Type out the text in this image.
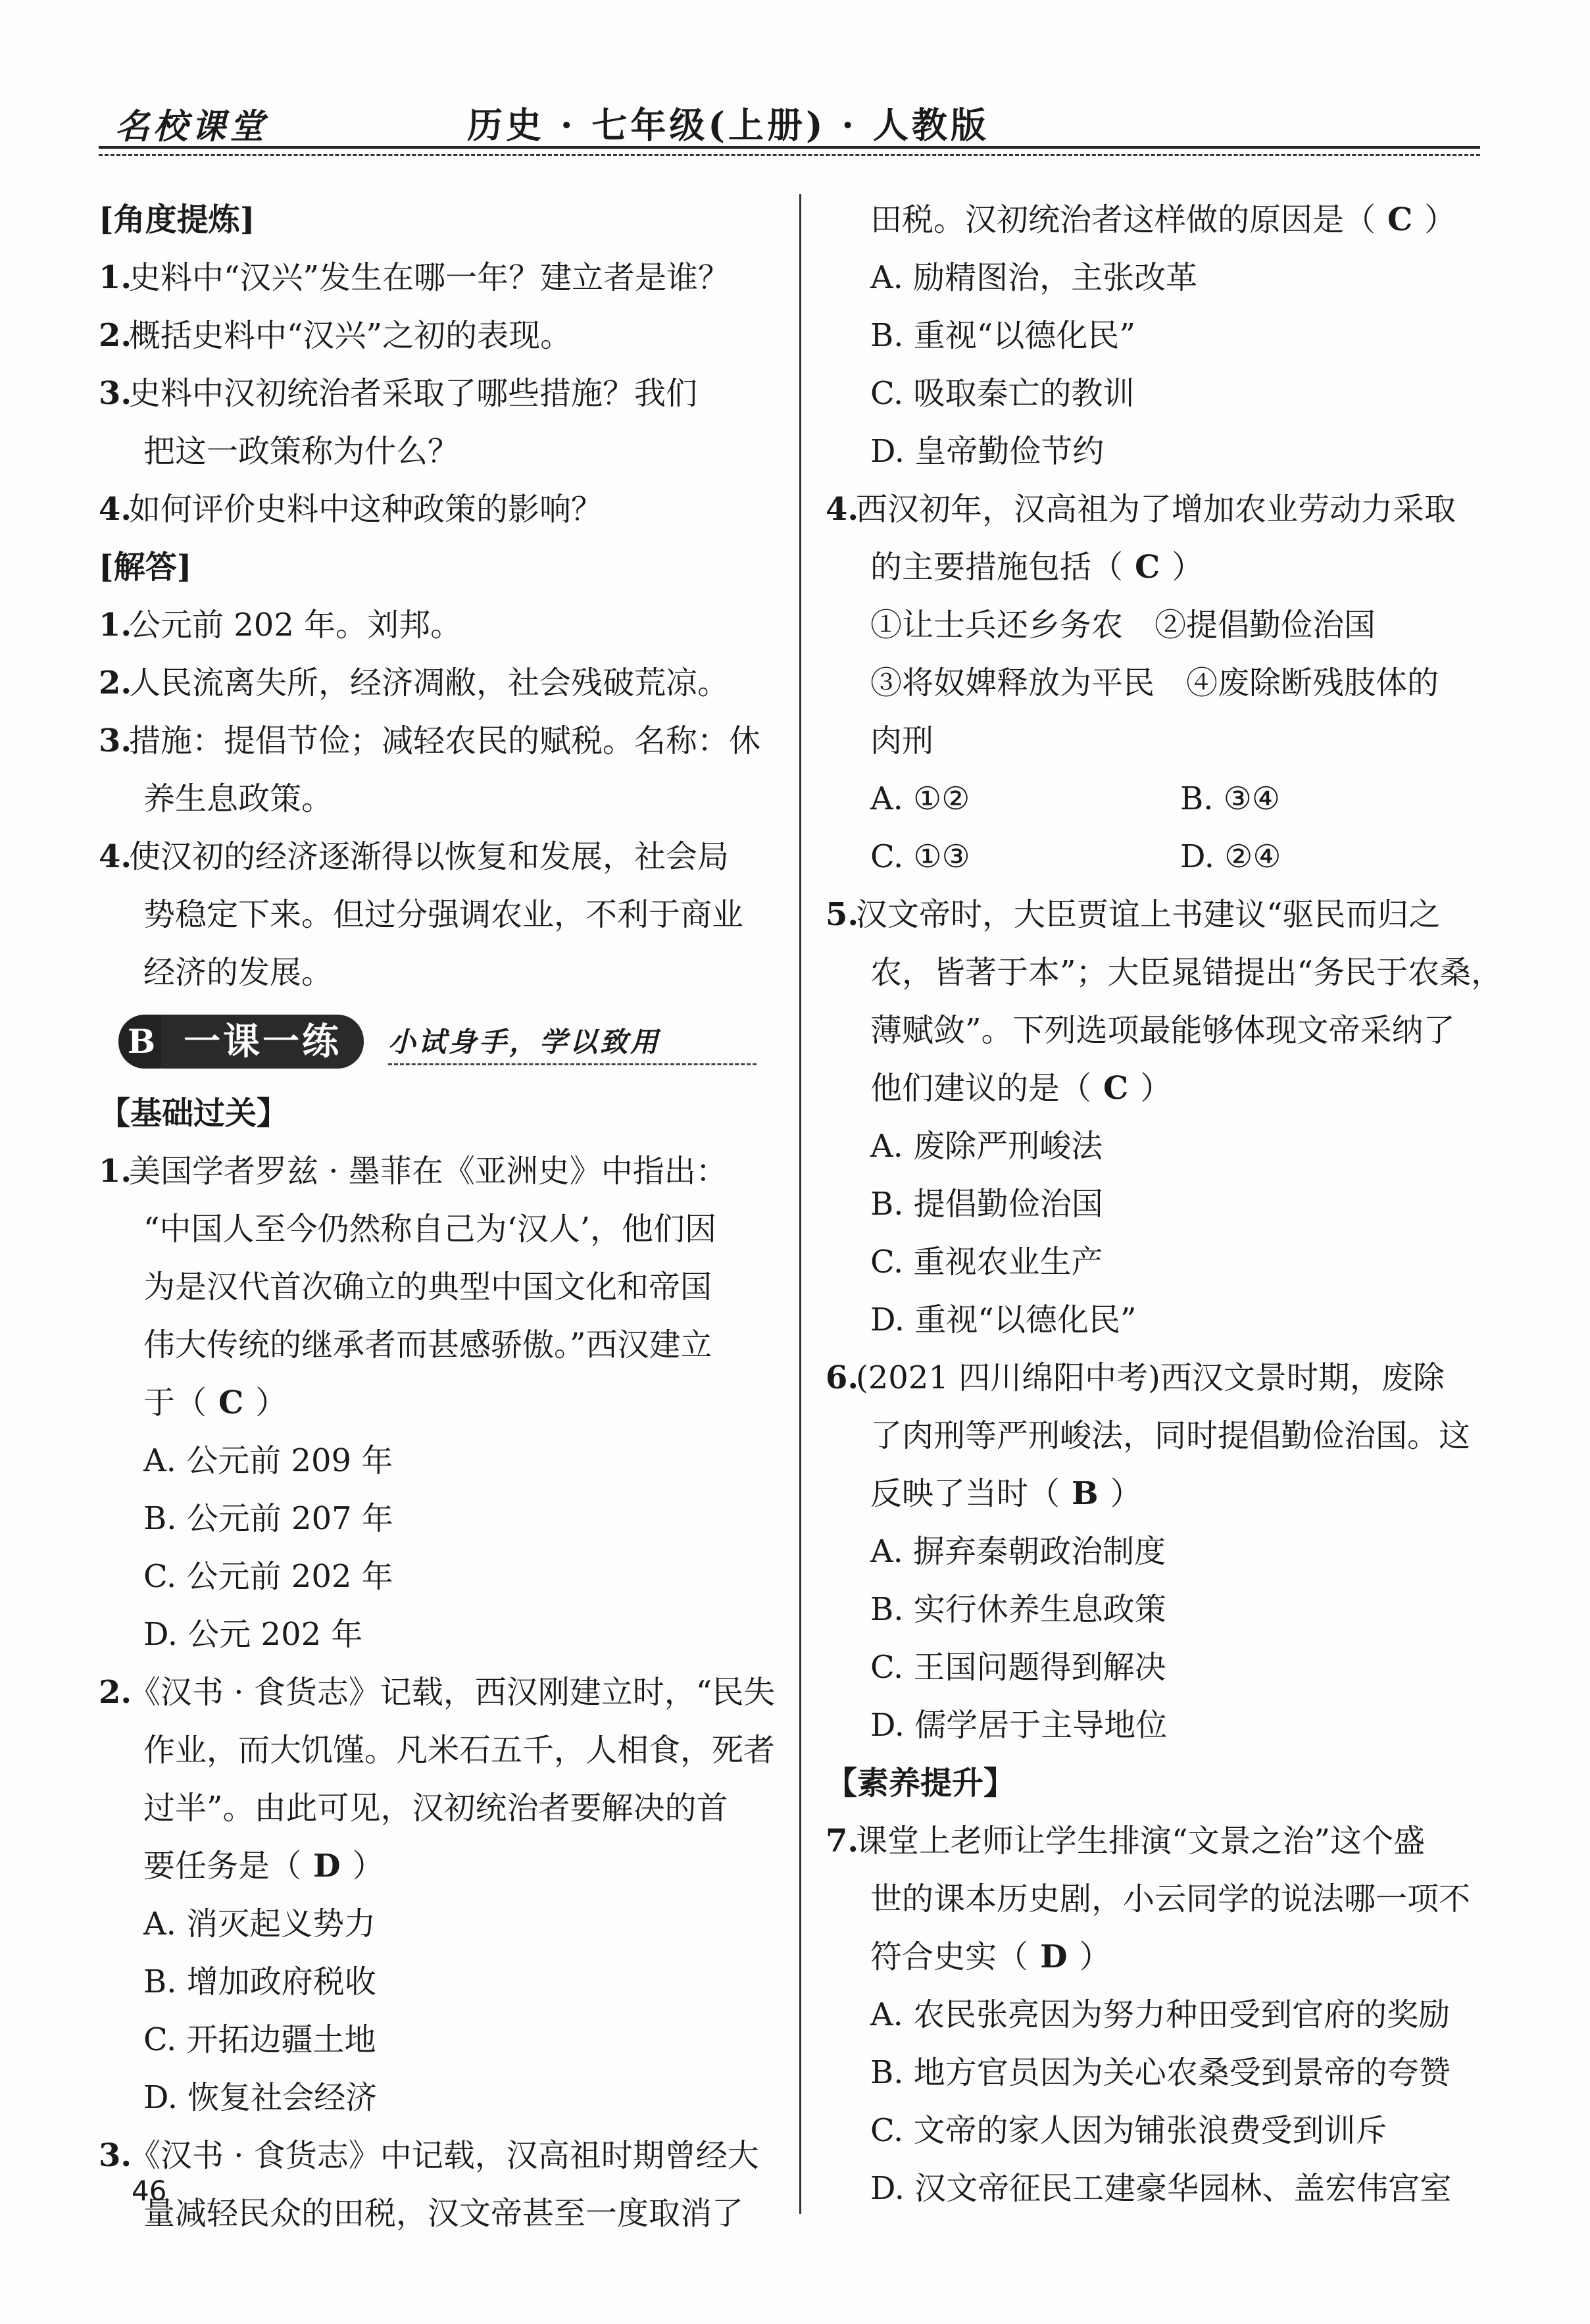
名校课堂	历史 · 七年级(上册) · 人教版
[角度提炼]
1.史料中“汉兴”发生在哪一年？建立者是谁？
2.概括史料中“汉兴”之初的表现。
3.史料中汉初统治者采取了哪些措施？我们
把这一政策称为什么？
4.如何评价史料中这种政策的影响？
[解答]
1.公元前 202 年。刘邦。
2.人民流离失所，经济凋敝，社会残破荒凉。
3.措施：提倡节俭；减轻农民的赋税。名称：休
养生息政策。
4.使汉初的经济逐渐得以恢复和发展，社会局
势稳定下来。但过分强调农业，不利于商业
经济的发展。
B 一课一练	小试身手，学以致用
【基础过关】
1.美国学者罗兹 · 墨菲在《亚洲史》中指出：
“中国人至今仍然称自己为‘汉人’，他们因
为是汉代首次确立的典型中国文化和帝国
伟大传统的继承者而甚感骄傲。”西汉建立
于（ C ）
A. 公元前 209 年
B. 公元前 207 年
C. 公元前 202 年
D. 公元 202 年
2.《汉书 · 食货志》记载，西汉刚建立时，“民失
作业，而大饥馑。凡米石五千，人相食，死者
过半”。由此可见，汉初统治者要解决的首
要任务是（ D ）
A. 消灭起义势力
B. 增加政府税收
C. 开拓边疆土地
D. 恢复社会经济
3.《汉书 · 食货志》中记载，汉高祖时期曾经大
量减轻民众的田税，汉文帝甚至一度取消了
田税。汉初统治者这样做的原因是（ C ）
A. 励精图治，主张改革
B. 重视“以德化民”
C. 吸取秦亡的教训
D. 皇帝勤俭节约
4.西汉初年，汉高祖为了增加农业劳动力采取
的主要措施包括（ C ）
①让士兵还乡务农　②提倡勤俭治国
③将奴婢释放为平民　④废除断残肢体的
肉刑
A. ①②	B. ③④
C. ①③	D. ②④
5.汉文帝时，大臣贾谊上书建议“驱民而归之
农，皆著于本”；大臣晁错提出“务民于农桑，
薄赋敛”。下列选项最能够体现文帝采纳了
他们建议的是（ C ）
A. 废除严刑峻法
B. 提倡勤俭治国
C. 重视农业生产
D. 重视“以德化民”
6.(2021 四川绵阳中考)西汉文景时期，废除
了肉刑等严刑峻法，同时提倡勤俭治国。这
反映了当时（ B ）
A. 摒弃秦朝政治制度
B. 实行休养生息政策
C. 王国问题得到解决
D. 儒学居于主导地位
【素养提升】
7.课堂上老师让学生排演“文景之治”这个盛
世的课本历史剧，小云同学的说法哪一项不
符合史实（ D ）
A. 农民张亮因为努力种田受到官府的奖励
B. 地方官员因为关心农桑受到景帝的夸赞
C. 文帝的家人因为铺张浪费受到训斥
D. 汉文帝征民工建豪华园林、盖宏伟宫室
46
